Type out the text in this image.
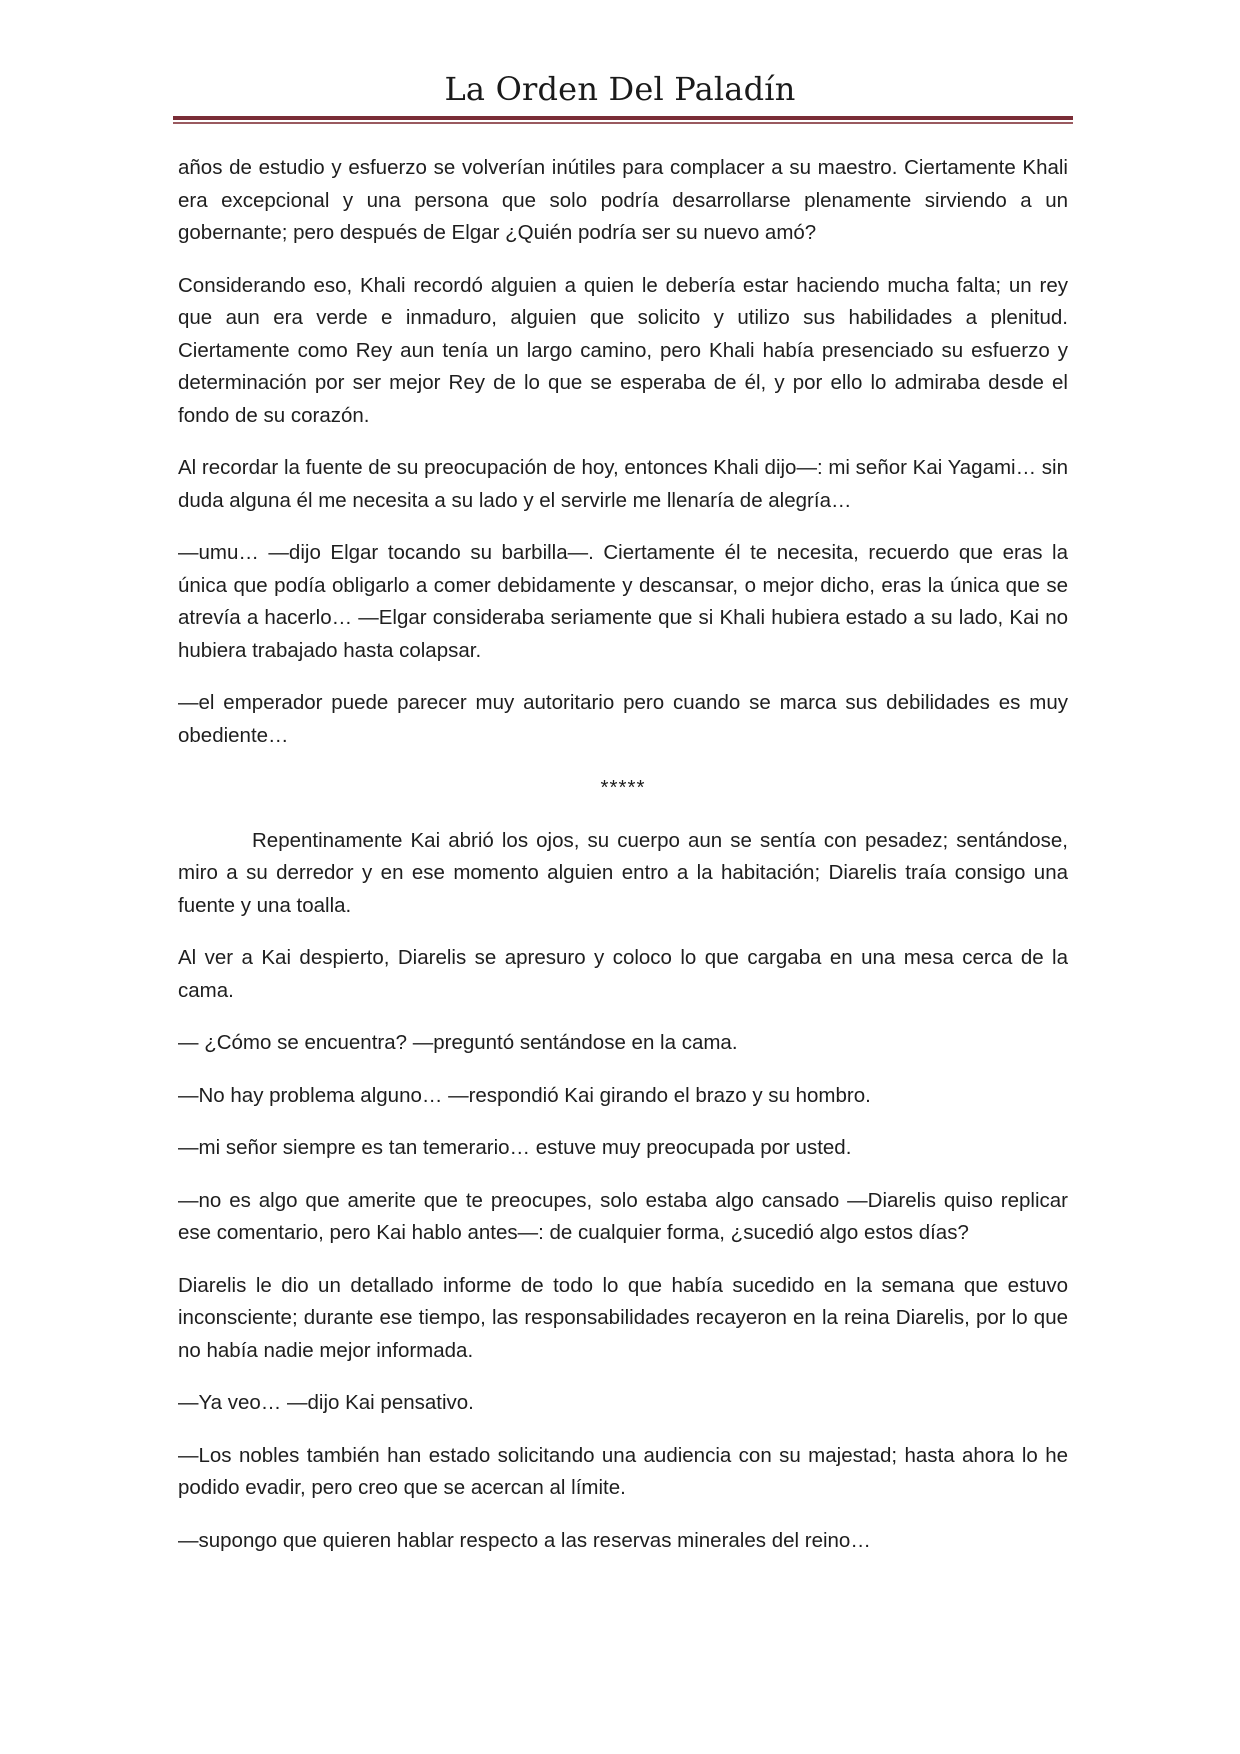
La Orden Del Paladín

años de estudio y esfuerzo se volverían inútiles para complacer a su maestro. Ciertamente Khali era excepcional y una persona que solo podría desarrollarse plenamente sirviendo a un gobernante; pero después de Elgar ¿Quién podría ser su nuevo amó?

Considerando eso, Khali recordó alguien a quien le debería estar haciendo mucha falta; un rey que aun era verde e inmaduro, alguien que solicito y utilizo sus habilidades a plenitud. Ciertamente como Rey aun tenía un largo camino, pero Khali había presenciado su esfuerzo y determinación por ser mejor Rey de lo que se esperaba de él, y por ello lo admiraba desde el fondo de su corazón.

Al recordar la fuente de su preocupación de hoy, entonces Khali dijo—: mi señor Kai Yagami… sin duda alguna él me necesita a su lado y el servirle me llenaría de alegría…

—umu… —dijo Elgar tocando su barbilla—. Ciertamente él te necesita, recuerdo que eras la única que podía obligarlo a comer debidamente y descansar, o mejor dicho, eras la única que se atrevía a hacerlo… —Elgar consideraba seriamente que si Khali hubiera estado a su lado, Kai no hubiera trabajado hasta colapsar.

—el emperador puede parecer muy autoritario pero cuando se marca sus debilidades es muy obediente…

*****

Repentinamente Kai abrió los ojos, su cuerpo aun se sentía con pesadez; sentándose, miro a su derredor y en ese momento alguien entro a la habitación; Diarelis traía consigo una fuente y una toalla.

Al ver a Kai despierto, Diarelis se apresuro y coloco lo que cargaba en una mesa cerca de la cama.

— ¿Cómo se encuentra? —preguntó sentándose en la cama.

—No hay problema alguno… —respondió Kai girando el brazo y su hombro.

—mi señor siempre es tan temerario… estuve muy preocupada por usted.

—no es algo que amerite que te preocupes, solo estaba algo cansado —Diarelis quiso replicar ese comentario, pero Kai hablo antes—: de cualquier forma, ¿sucedió algo estos días?

Diarelis le dio un detallado informe de todo lo que había sucedido en la semana que estuvo inconsciente; durante ese tiempo, las responsabilidades recayeron en la reina Diarelis, por lo que no había nadie mejor informada.

—Ya veo… —dijo Kai pensativo.

—Los nobles también han estado solicitando una audiencia con su majestad; hasta ahora lo he podido evadir, pero creo que se acercan al límite.

—supongo que quieren hablar respecto a las reservas minerales del reino…
